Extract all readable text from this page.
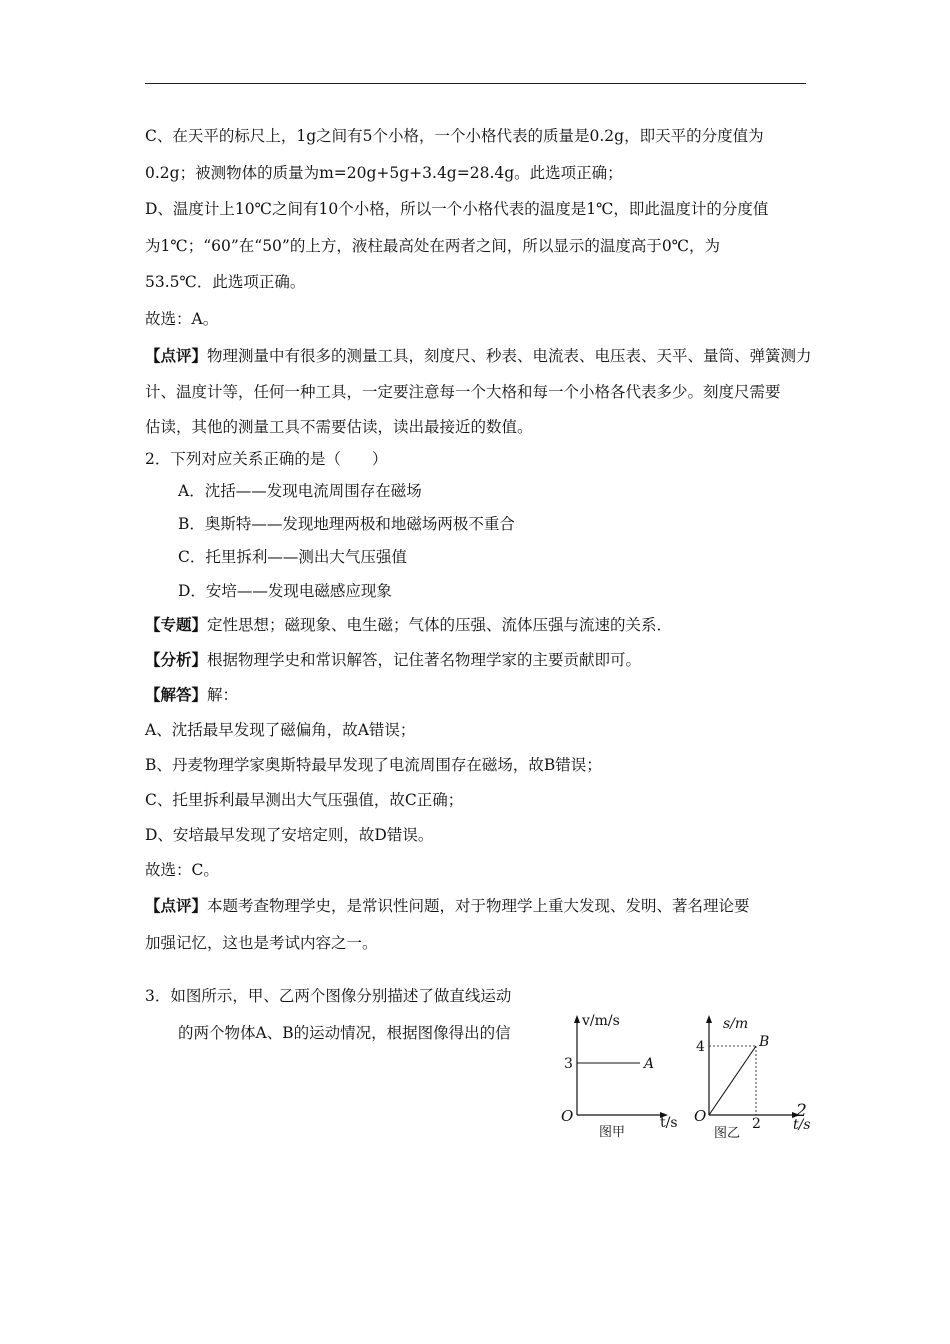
C、在天平的标尺上，1g之间有5个小格，一个小格代表的质量是0.2g，即天平的分度值为

0.2g；被测物体的质量为m=20g+5g+3.4g=28.4g。此选项正确；

D、温度计上10℃之间有10个小格，所以一个小格代表的温度是1℃，即此温度计的分度值

为1℃；“60”在“50”的上方，液柱最高处在两者之间，所以显示的温度高于0℃，为

53.5℃．此选项正确。

故选：A。

【点评】物理测量中有很多的测量工具，刻度尺、秒表、电流表、电压表、天平、量筒、弹簧测力

计、温度计等，任何一种工具，一定要注意每一个大格和每一个小格各代表多少。刻度尺需要

估读，其他的测量工具不需要估读，读出最接近的数值。

2．下列对应关系正确的是（　　）

A．沈括——发现电流周围存在磁场

B．奥斯特——发现地理两极和地磁场两极不重合

C．托里拆利——测出大气压强值

D．安培——发现电磁感应现象

【专题】定性思想；磁现象、电生磁；气体的压强、流体压强与流速的关系．

【分析】根据物理学史和常识解答，记住著名物理学家的主要贡献即可。

【解答】解：

A、沈括最早发现了磁偏角，故A错误；

B、丹麦物理学家奥斯特最早发现了电流周围存在磁场，故B错误；

C、托里拆利最早测出大气压强值，故C正确；

D、安培最早发现了安培定则，故D错误。

故选：C。

【点评】本题考查物理学史，是常识性问题，对于物理学上重大发现、发明、著名理论要

加强记忆，这也是考试内容之一。

3．如图所示，甲、乙两个图像分别描述了做直线运动

的两个物体A、B的运动情况，根据图像得出的信

v/m/s
3	A
O	t/s
图甲
s/m
4	B
O	2 t/s
图乙
2
